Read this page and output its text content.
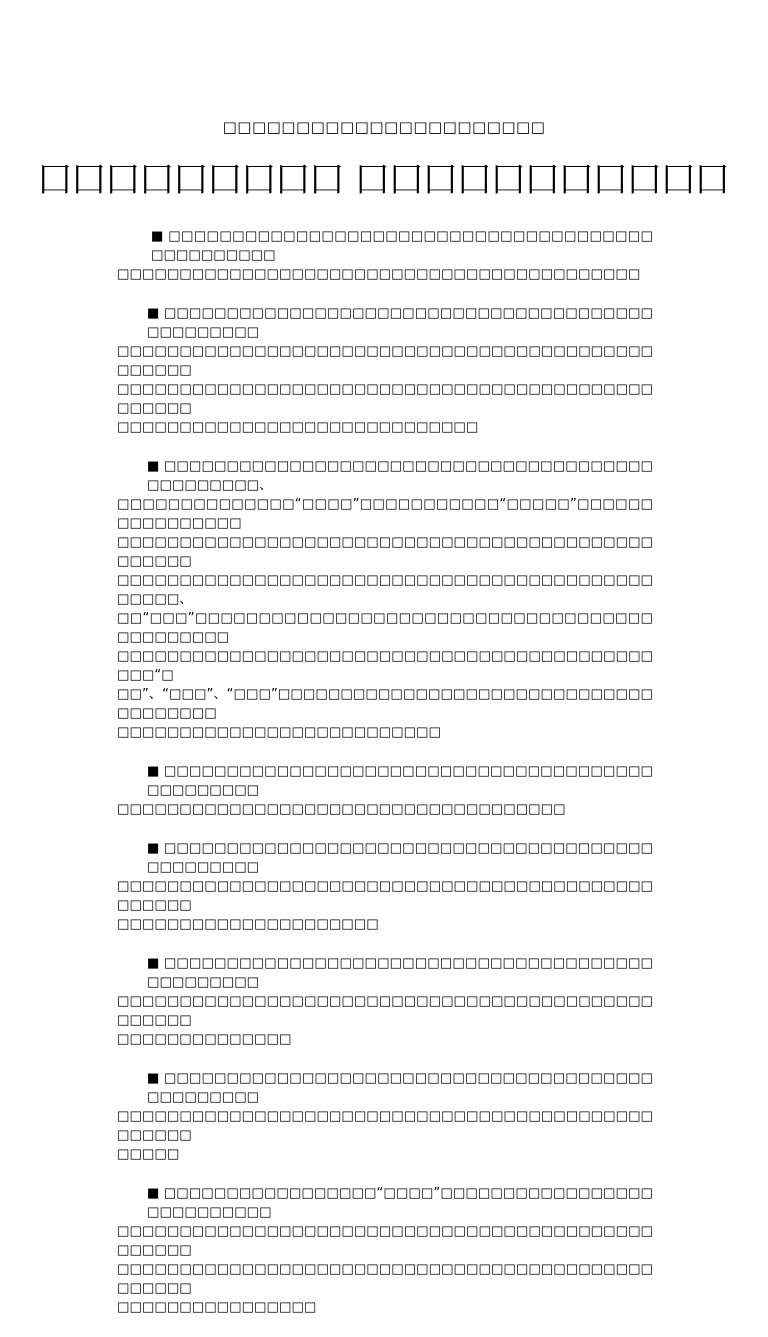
□□□□□□□□□□□□□□□□□□□□□□
囗囗囗囗囗囗囗囗囗 囗囗囗囗囗囗囗囗囗囗囗
■ □□□□□□□□□□□□□□□□□□□□□□□□□□□□□□□□□□□□□□□□□□□□□□□□
□□□□□□□□□□□□□□□□□□□□□□□□□□□□□□□□□□□□□□□□□□
■ □□□□□□□□□□□□□□□□□□□□□□□□□□□□□□□□□□□□□□□□□□□□□□□□
□□□□□□□□□□□□□□□□□□□□□□□□□□□□□□□□□□□□□□□□□□□□□□□□□
□□□□□□□□□□□□□□□□□□□□□□□□□□□□□□□□□□□□□□□□□□□□□□□□□
□□□□□□□□□□□□□□□□□□□□□□□□□□□□□
■ □□□□□□□□□□□□□□□□□□□□□□□□□□□□□□□□□□□□□□□□□□□□□□□□、
□□□□□□□□□□□□□□“□□□□”□□□□□□□□□□□“□□□□□”□□□□□□□□□□□□□□□□
□□□□□□□□□□□□□□□□□□□□□□□□□□□□□□□□□□□□□□□□□□□□□□□□□
□□□□□□□□□□□□□□□□□□□□□□□□□□□□□□□□□□□□□□□□□□□□□□□□、
□□“□□□”□□□□□□□□□□□□□□□□□□□□□□□□□□□□□□□□□□□□□□□□□□□□□
□□□□□□□□□□□□□□□□□□□□□□□□□□□□□□□□□□□□□□□□□□□□□□“□
□□”、“□□□”、“□□□”□□□□□□□□□□□□□□□□□□□□□□□□□□□□□□□□□□□□□□
□□□□□□□□□□□□□□□□□□□□□□□□□□
■ □□□□□□□□□□□□□□□□□□□□□□□□□□□□□□□□□□□□□□□□□□□□□□□□
□□□□□□□□□□□□□□□□□□□□□□□□□□□□□□□□□□□□
■ □□□□□□□□□□□□□□□□□□□□□□□□□□□□□□□□□□□□□□□□□□□□□□□□
□□□□□□□□□□□□□□□□□□□□□□□□□□□□□□□□□□□□□□□□□□□□□□□□□
□□□□□□□□□□□□□□□□□□□□□
■ □□□□□□□□□□□□□□□□□□□□□□□□□□□□□□□□□□□□□□□□□□□□□□□□
□□□□□□□□□□□□□□□□□□□□□□□□□□□□□□□□□□□□□□□□□□□□□□□□□
□□□□□□□□□□□□□□
■ □□□□□□□□□□□□□□□□□□□□□□□□□□□□□□□□□□□□□□□□□□□□□□□□
□□□□□□□□□□□□□□□□□□□□□□□□□□□□□□□□□□□□□□□□□□□□□□□□□
□□□□□
■ □□□□□□□□□□□□□□□□□“□□□□”□□□□□□□□□□□□□□□□□□□□□□□□□□□
□□□□□□□□□□□□□□□□□□□□□□□□□□□□□□□□□□□□□□□□□□□□□□□□□
□□□□□□□□□□□□□□□□□□□□□□□□□□□□□□□□□□□□□□□□□□□□□□□□□
□□□□□□□□□□□□□□□□
